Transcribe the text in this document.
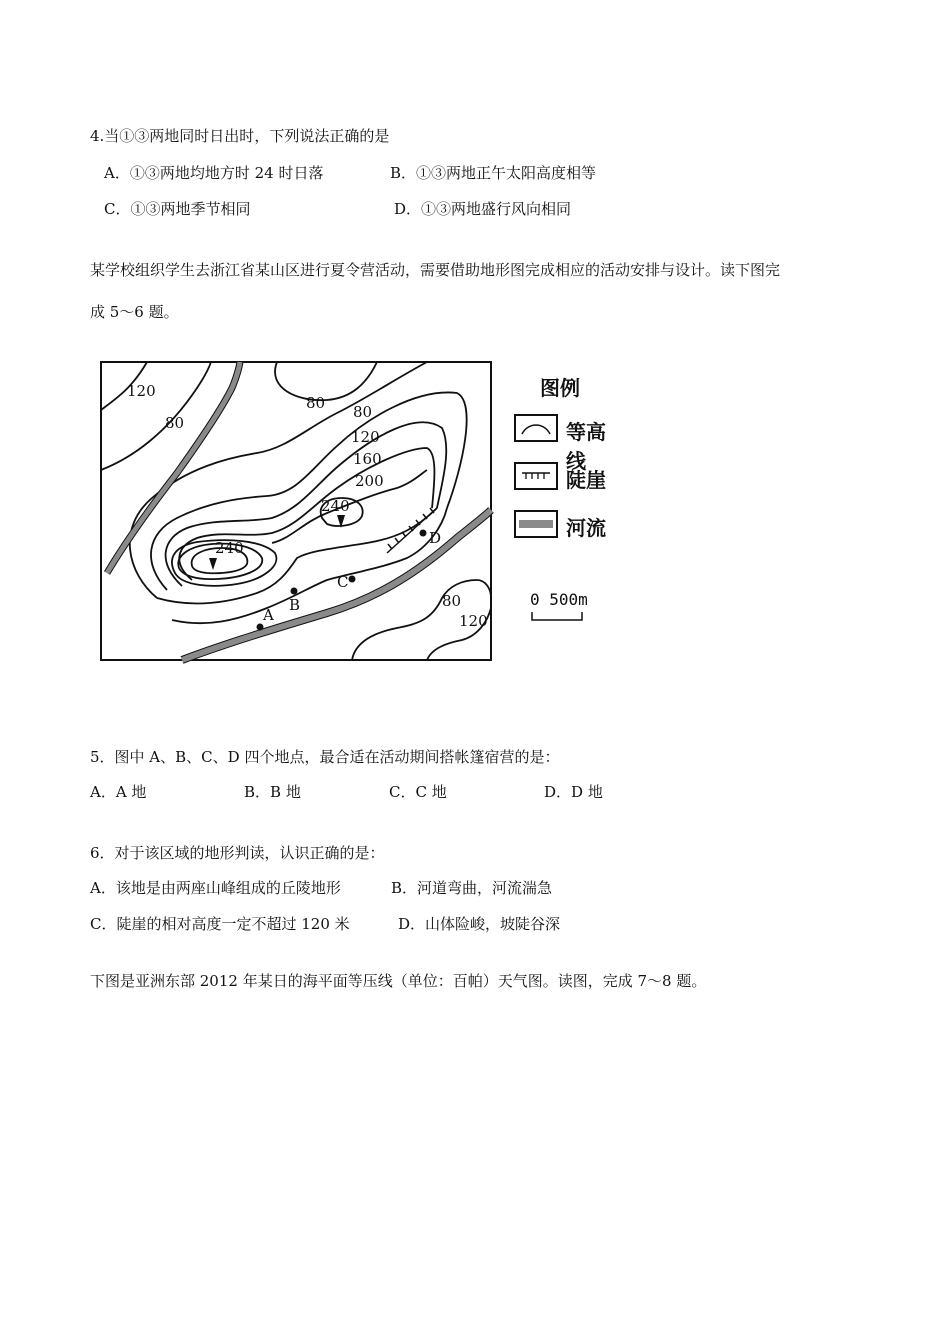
4.当①③两地同时日出时，下列说法正确的是
A．①③两地均地方时 24 时日落	B．①③两地正午太阳高度相等
C．①③两地季节相同	D．①③两地盛行风向相同
某学校组织学生去浙江省某山区进行夏令营活动，需要借助地形图完成相应的活动安排与设计。读下图完
成 5～6 题。
120
80
80 80
120
160
200
240
240
80
120
A
B
C
D
图例
等高线
陡崖
河流
0 500m
5．图中 A、B、C、D 四个地点，最合适在活动期间搭帐篷宿营的是：
A．A 地	B．B 地	C．C 地	D．D 地
6．对于该区域的地形判读，认识正确的是：
A．该地是由两座山峰组成的丘陵地形	B．河道弯曲，河流湍急
C．陡崖的相对高度一定不超过 120 米	D．山体险峻，坡陡谷深
下图是亚洲东部 2012 年某日的海平面等压线（单位：百帕）天气图。读图，完成 7～8 题。
